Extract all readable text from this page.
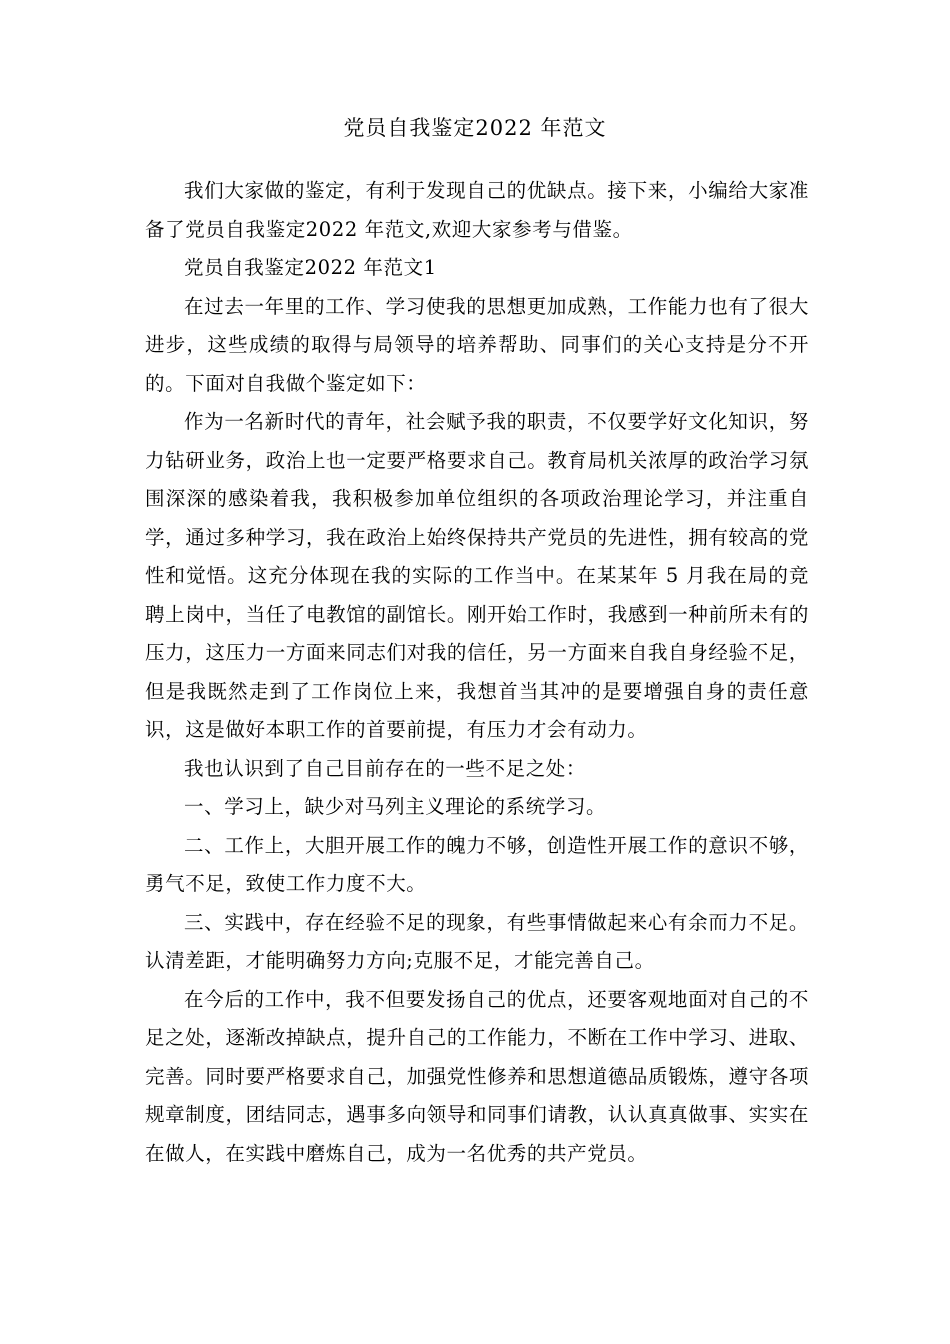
党员自我鉴定2022 年范文

我们大家做的鉴定，有利于发现自己的优缺点。接下来，小编给大家准备了党员自我鉴定2022 年范文,欢迎大家参考与借鉴。

党员自我鉴定2022 年范文1

在过去一年里的工作、学习使我的思想更加成熟，工作能力也有了很大进步，这些成绩的取得与局领导的培养帮助、同事们的关心支持是分不开的。下面对自我做个鉴定如下：

作为一名新时代的青年，社会赋予我的职责，不仅要学好文化知识，努力钻研业务，政治上也一定要严格要求自己。教育局机关浓厚的政治学习氛围深深的感染着我，我积极参加单位组织的各项政治理论学习，并注重自学，通过多种学习，我在政治上始终保持共产党员的先进性，拥有较高的党性和觉悟。这充分体现在我的实际的工作当中。在某某年 5 月我在局的竞聘上岗中，当任了电教馆的副馆长。刚开始工作时，我感到一种前所未有的压力，这压力一方面来同志们对我的信任，另一方面来自我自身经验不足，但是我既然走到了工作岗位上来，我想首当其冲的是要增强自身的责任意识，这是做好本职工作的首要前提，有压力才会有动力。

我也认识到了自己目前存在的一些不足之处：

一、学习上，缺少对马列主义理论的系统学习。

二、工作上，大胆开展工作的魄力不够，创造性开展工作的意识不够，勇气不足，致使工作力度不大。

三、实践中，存在经验不足的现象，有些事情做起来心有余而力不足。认清差距，才能明确努力方向;克服不足，才能完善自己。

在今后的工作中，我不但要发扬自己的优点，还要客观地面对自己的不足之处，逐渐改掉缺点，提升自己的工作能力，不断在工作中学习、进取、完善。同时要严格要求自己，加强党性修养和思想道德品质锻炼，遵守各项规章制度，团结同志，遇事多向领导和同事们请教，认认真真做事、实实在在做人，在实践中磨炼自己，成为一名优秀的共产党员。
